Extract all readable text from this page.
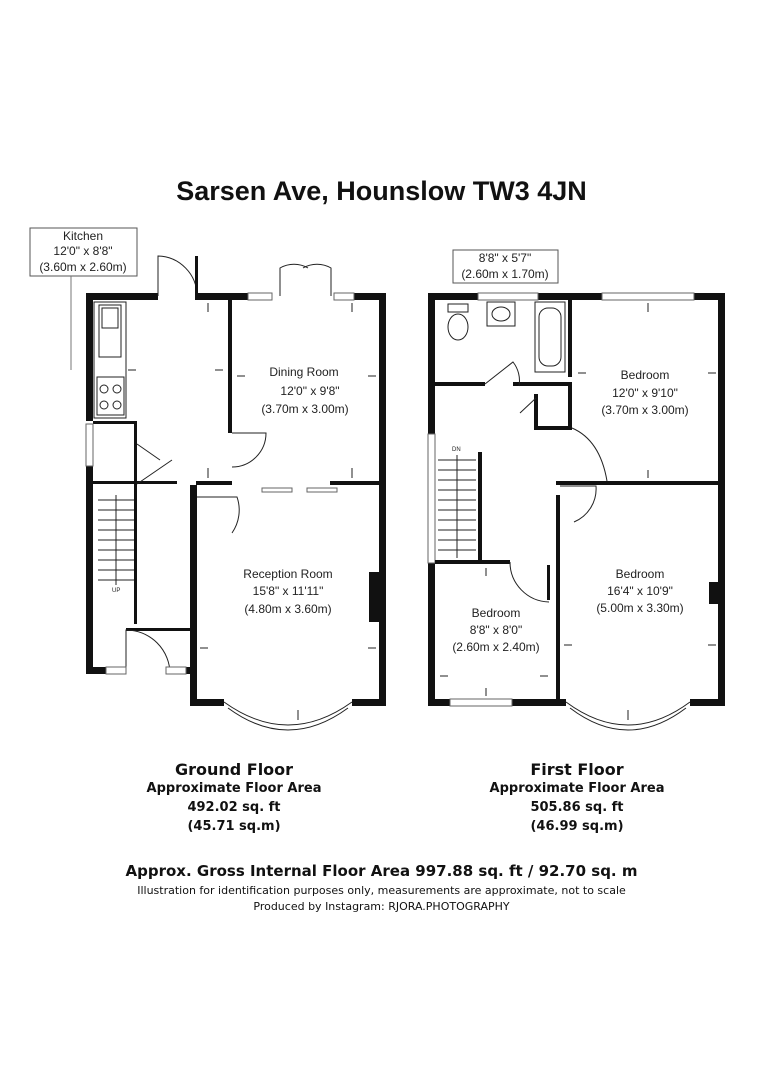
Sarsen Ave, Hounslow TW3 4JN
Kitchen
12'0" x 8'8"
(3.60m x 2.60m)
UP
Dining Room
12'0" x 9'8"
(3.70m x 3.00m)
Reception Room
15'8" x 11'11"
(4.80m x 3.60m)
8'8" x 5'7"
(2.60m x 1.70m)
DN
Bedroom
12'0" x 9'10"
(3.70m x 3.00m)
Bedroom
16'4" x 10'9"
(5.00m x 3.30m)
Bedroom
8'8" x 8'0"
(2.60m x 2.40m)
Ground Floor
Approximate Floor Area
492.02 sq. ft
(45.71 sq.m)
First Floor
Approximate Floor Area
505.86 sq. ft
(46.99 sq.m)
Approx. Gross Internal Floor Area 997.88 sq. ft / 92.70 sq. m
Illustration for identification purposes only, measurements are approximate, not to scale
Produced by Instagram: RJORA.PHOTOGRAPHY
